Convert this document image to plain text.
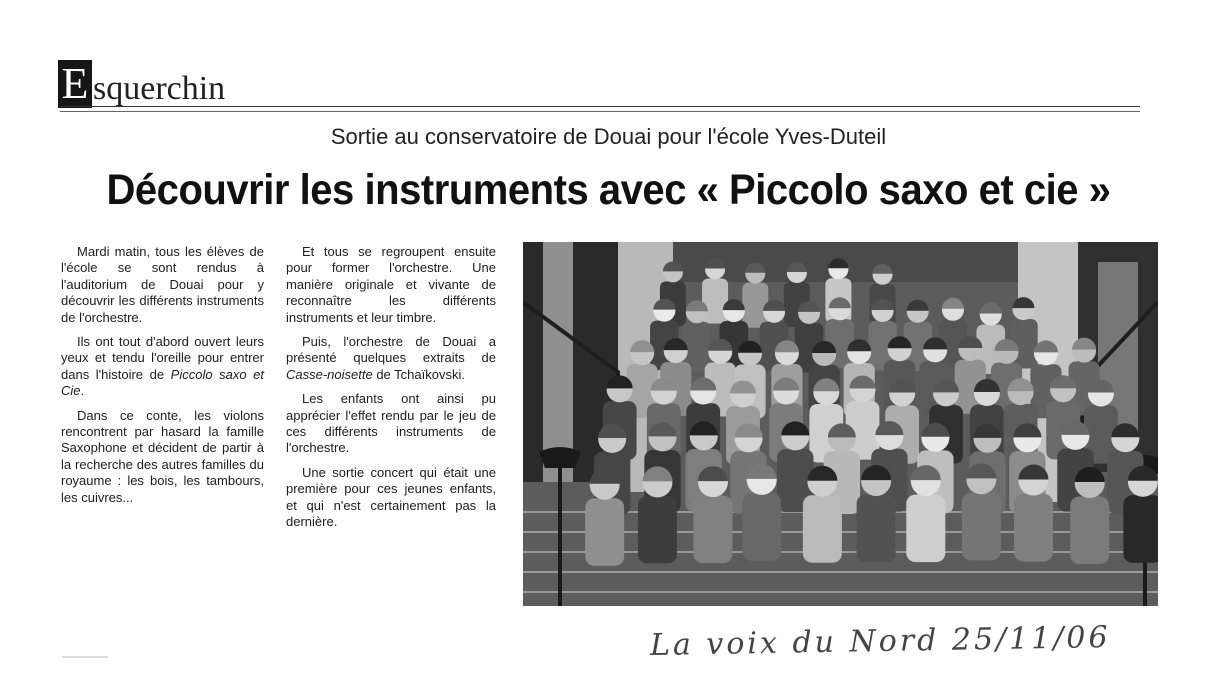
E squerchin
Sortie au conservatoire de Douai pour l'école Yves-Duteil
Découvrir les instruments avec « Piccolo saxo et cie »

Mardi matin, tous les élèves de l'école se sont rendus à l'auditorium de Douai pour y découvrir les différents instruments de l'orchestre.

Ils ont tout d'abord ouvert leurs yeux et tendu l'oreille pour entrer dans l'histoire de Piccolo saxo et Cie.

Dans ce conte, les violons rencontrent par hasard la famille Saxophone et décident de partir à la recherche des autres familles du royaume : les bois, les tambours, les cuivres...

Et tous se regroupent ensuite pour former l'orchestre. Une manière originale et vivante de reconnaître les différents instruments et leur timbre.

Puis, l'orchestre de Douai a présenté quelques extraits de Casse-noisette de Tchaïkovski.

Les enfants ont ainsi pu apprécier l'effet rendu par le jeu de ces différents instruments de l'orchestre.

Une sortie concert qui était une première pour ces jeunes enfants, et qui n'est certainement pas la dernière.

La voix du Nord 25/11/06
